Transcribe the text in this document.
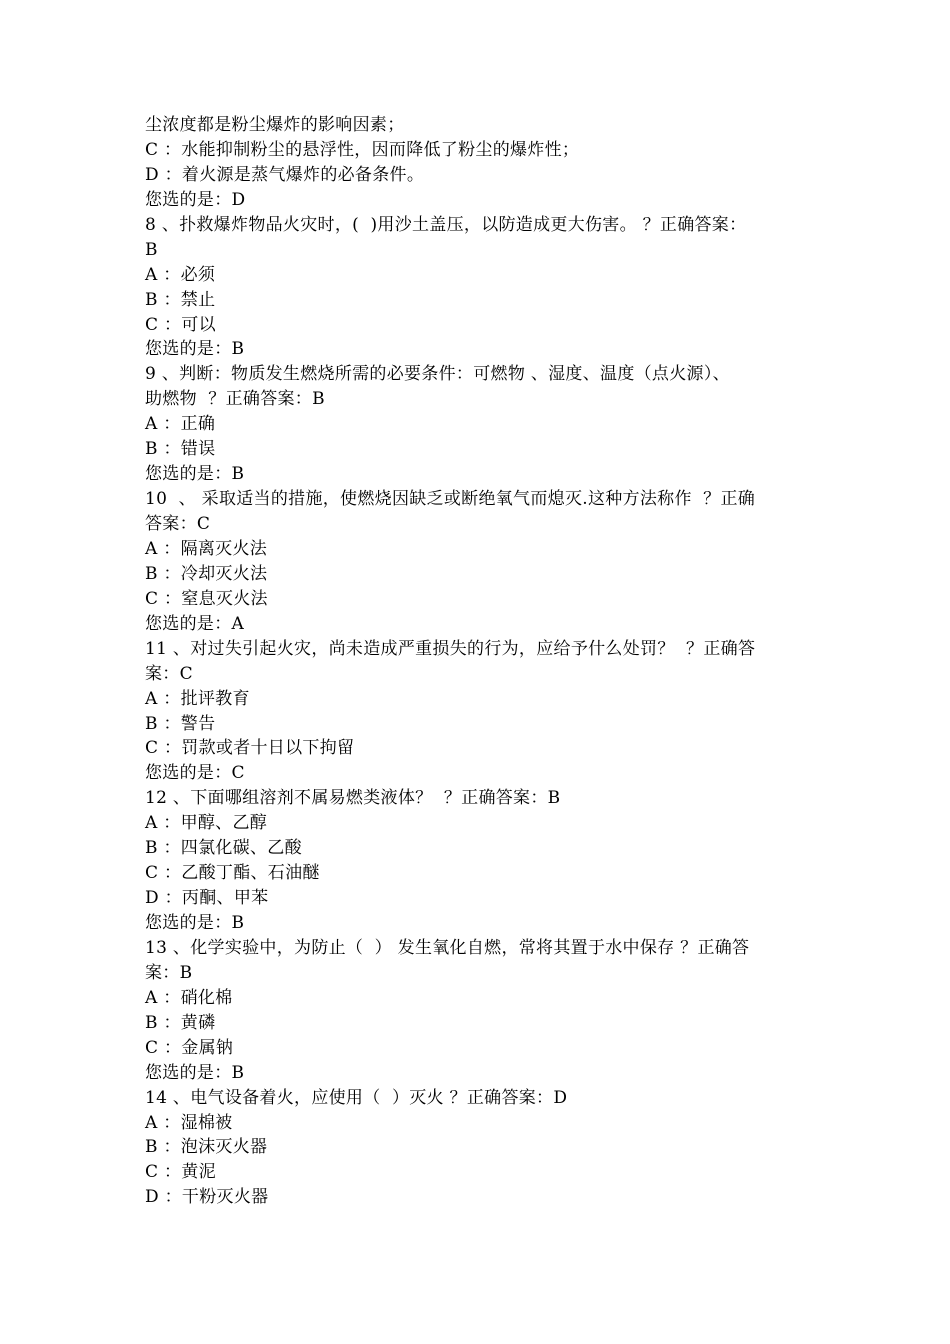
尘浓度都是粉尘爆炸的影响因素；
C ：水能抑制粉尘的悬浮性，因而降低了粉尘的爆炸性；
D ：着火源是蒸气爆炸的必备条件。
您选的是：D
8 、扑救爆炸物品火灾时，(  )用沙土盖压，以防造成更大伤害。 ？正确答案：
B
A ：必须
B ：禁止
C ：可以
您选的是：B
9 、判断：物质发生燃烧所需的必要条件：可燃物 、湿度、温度（点火源）、
助燃物  ？正确答案：B
A ：正确
B ：错误
您选的是：B
10  、 采取适当的措施，使燃烧因缺乏或断绝氧气而熄灭.这种方法称作  ？正确
答案：C
A ：隔离灭火法
B ：冷却灭火法
C ：窒息灭火法
您选的是：A
11 、对过失引起火灾，尚未造成严重损失的行为，应给予什么处罚？  ？正确答
案：C
A ：批评教育
B ：警告
C ：罚款或者十日以下拘留
您选的是：C
12 、下面哪组溶剂不属易燃类液体？  ？正确答案：B
A ：甲醇、乙醇
B ：四氯化碳、乙酸
C ：乙酸丁酯、石油醚
D ：丙酮、甲苯
您选的是：B
13 、化学实验中，为防止（  ） 发生氧化自燃，常将其置于水中保存 ？正确答
案：B
A ：硝化棉
B ：黄磷
C ：金属钠
您选的是：B
14 、电气设备着火，应使用（  ）灭火 ？正确答案：D
A ：湿棉被
B ：泡沫灭火器
C ：黄泥
D ：干粉灭火器
